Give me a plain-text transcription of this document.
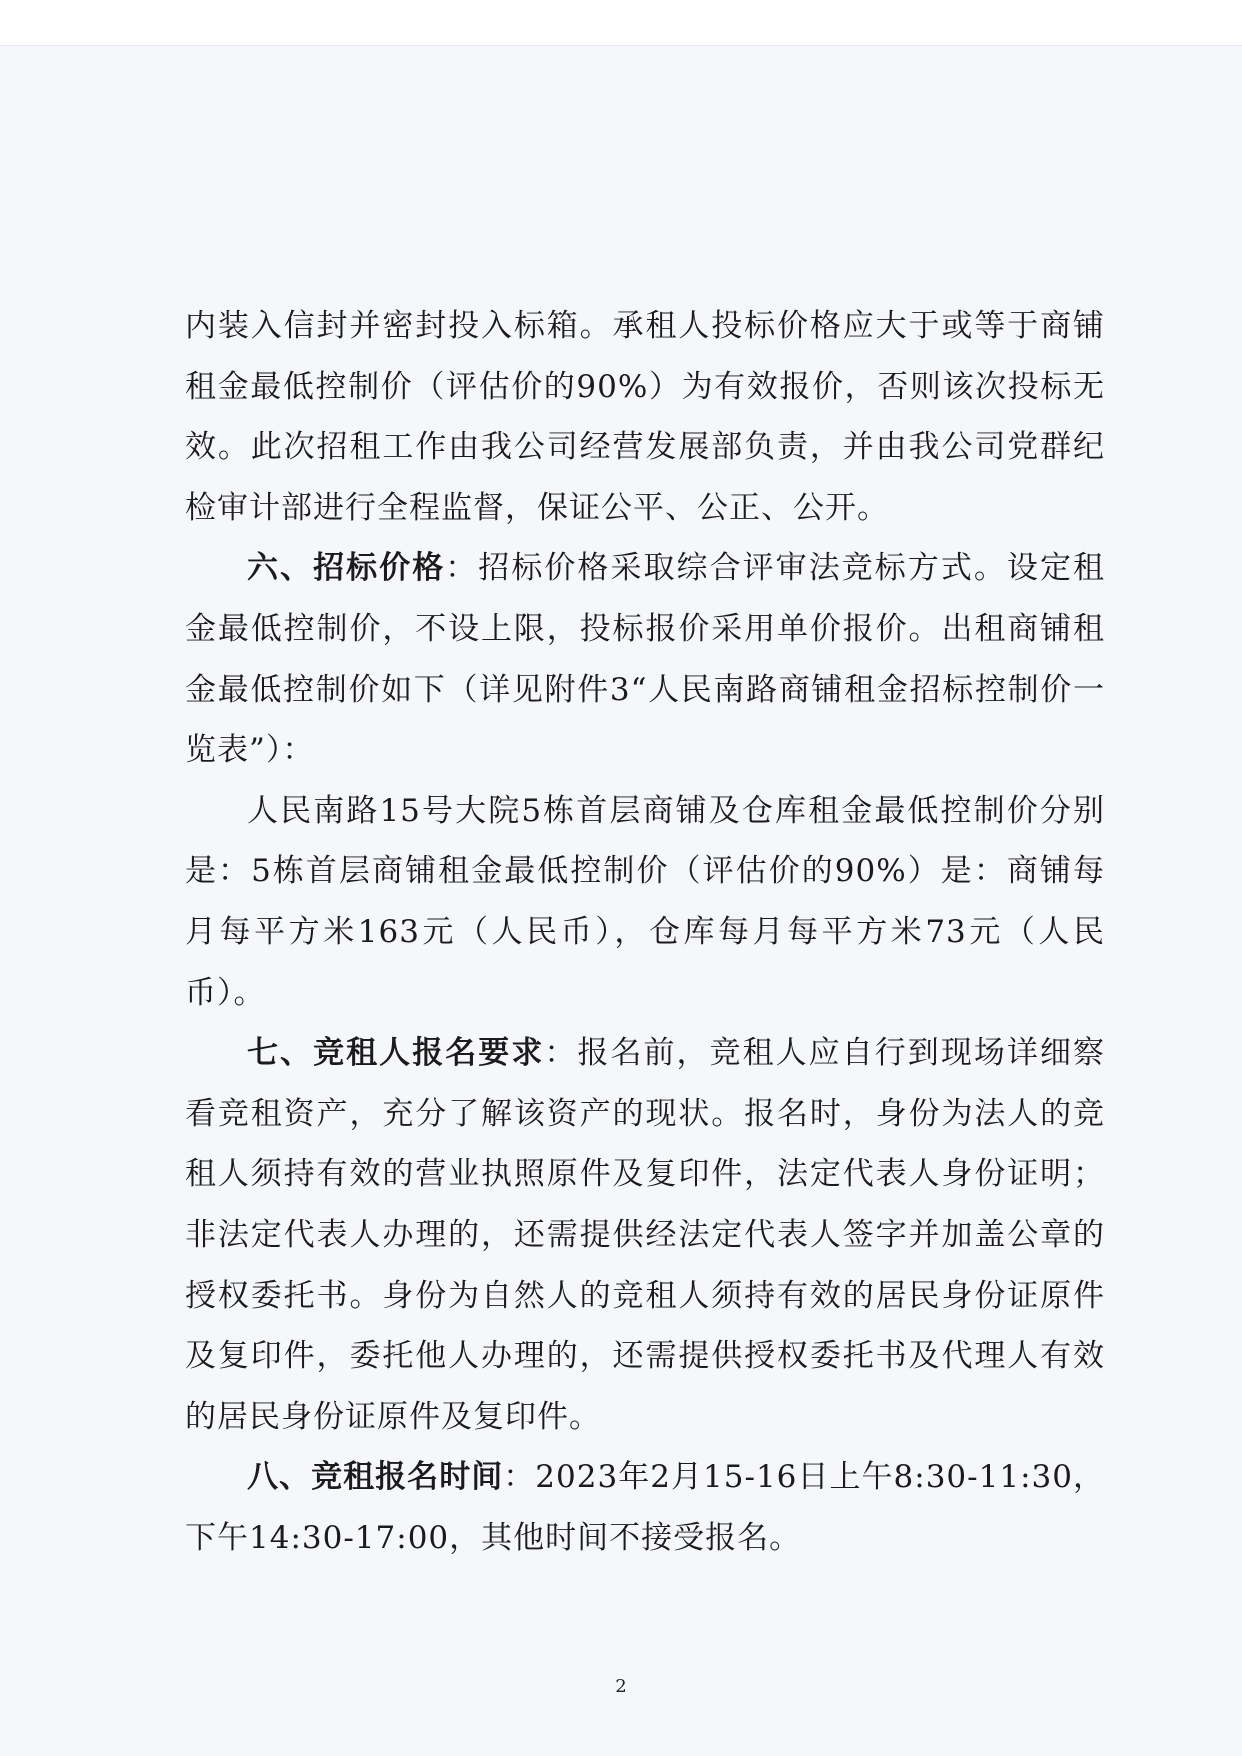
内装入信封并密封投入标箱。承租人投标价格应大于或等于商铺租金最低控制价（评估价的90%）为有效报价，否则该次投标无效。此次招租工作由我公司经营发展部负责，并由我公司党群纪检审计部进行全程监督，保证公平、公正、公开。

六、招标价格：招标价格采取综合评审法竞标方式。设定租金最低控制价，不设上限，投标报价采用单价报价。出租商铺租金最低控制价如下（详见附件3“人民南路商铺租金招标控制价一览表”）：

人民南路15号大院5栋首层商铺及仓库租金最低控制价分别是：5栋首层商铺租金最低控制价（评估价的90%）是：商铺每月每平方米163元（人民币），仓库每月每平方米73元（人民币）。

七、竞租人报名要求：报名前，竞租人应自行到现场详细察看竞租资产，充分了解该资产的现状。报名时，身份为法人的竞租人须持有效的营业执照原件及复印件，法定代表人身份证明；非法定代表人办理的，还需提供经法定代表人签字并加盖公章的授权委托书。身份为自然人的竞租人须持有效的居民身份证原件及复印件，委托他人办理的，还需提供授权委托书及代理人有效的居民身份证原件及复印件。

八、竞租报名时间：2023年2月15-16日上午8:30-11:30，下午14:30-17:00，其他时间不接受报名。

2
